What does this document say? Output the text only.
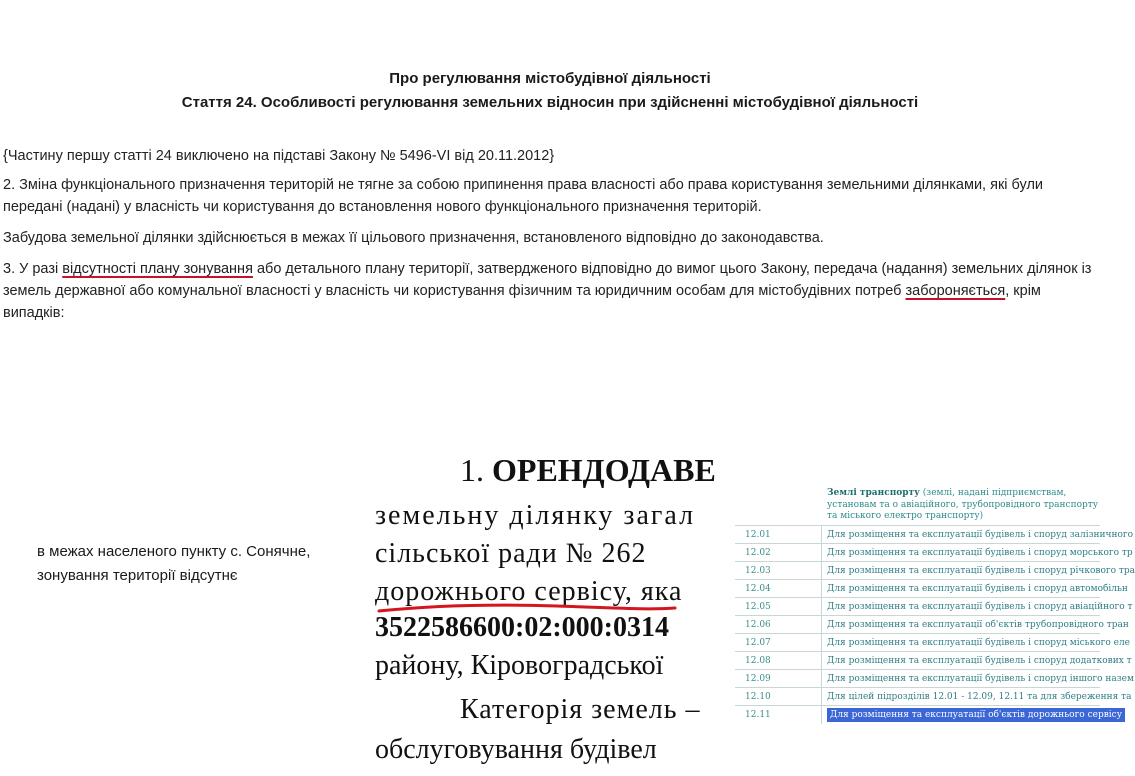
Про регулювання містобудівної діяльності
Стаття 24. Особливості регулювання земельних відносин при здійсненні містобудівної діяльності
{Частину першу статті 24 виключено на підставі Закону № 5496-VI від 20.11.2012}
2. Зміна функціонального призначення територій не тягне за собою припинення права власності або права користування земельними ділянками, які були передані (надані) у власність чи користування до встановлення нового функціонального призначення територій.
Забудова земельної ділянки здійснюється в межах її цільового призначення, встановленого відповідно до законодавства.
3. У разі відсутності плану зонування або детального плану території, затвердженого відповідно до вимог цього Закону, передача (надання) земельних ділянок із земель державної або комунальної власності у власність чи користування фізичним та юридичним особам для містобудівних потреб забороняється, крім випадків:
в межах населеного пункту с. Сонячне,
зонування території відсутнє
1. ОРЕНДОДАВЕ
земельну ділянку загал
сільської ради № 262
дорожнього сервісу, яка
3522586600:02:000:0314
району, Кіровоградської
Категорія земель –
обслуговування будівел
Землі транспорту (землі, надані підприємствам, установам та о авіаційного, трубопровідного транспорту та міського електро транспорту)
12.01	Для розміщення та експлуатації будівель і споруд залізничного
12.02	Для розміщення та експлуатації будівель і споруд морського тр
12.03	Для розміщення та експлуатації будівель і споруд річкового тра
12.04	Для розміщення та експлуатації будівель і споруд автомобільн
12.05	Для розміщення та експлуатації будівель і споруд авіаційного т
12.06	Для розміщення та експлуатації об'єктів трубопровідного тран
12.07	Для розміщення та експлуатації будівель і споруд міського еле
12.08	Для розміщення та експлуатації будівель і споруд додаткових т
12.09	Для розміщення та експлуатації будівель і споруд іншого назем
12.10	Для цілей підрозділів 12.01 - 12.09, 12.11 та для збереження та
12.11	Для розміщення та експлуатації об'єктів дорожнього сервісу
